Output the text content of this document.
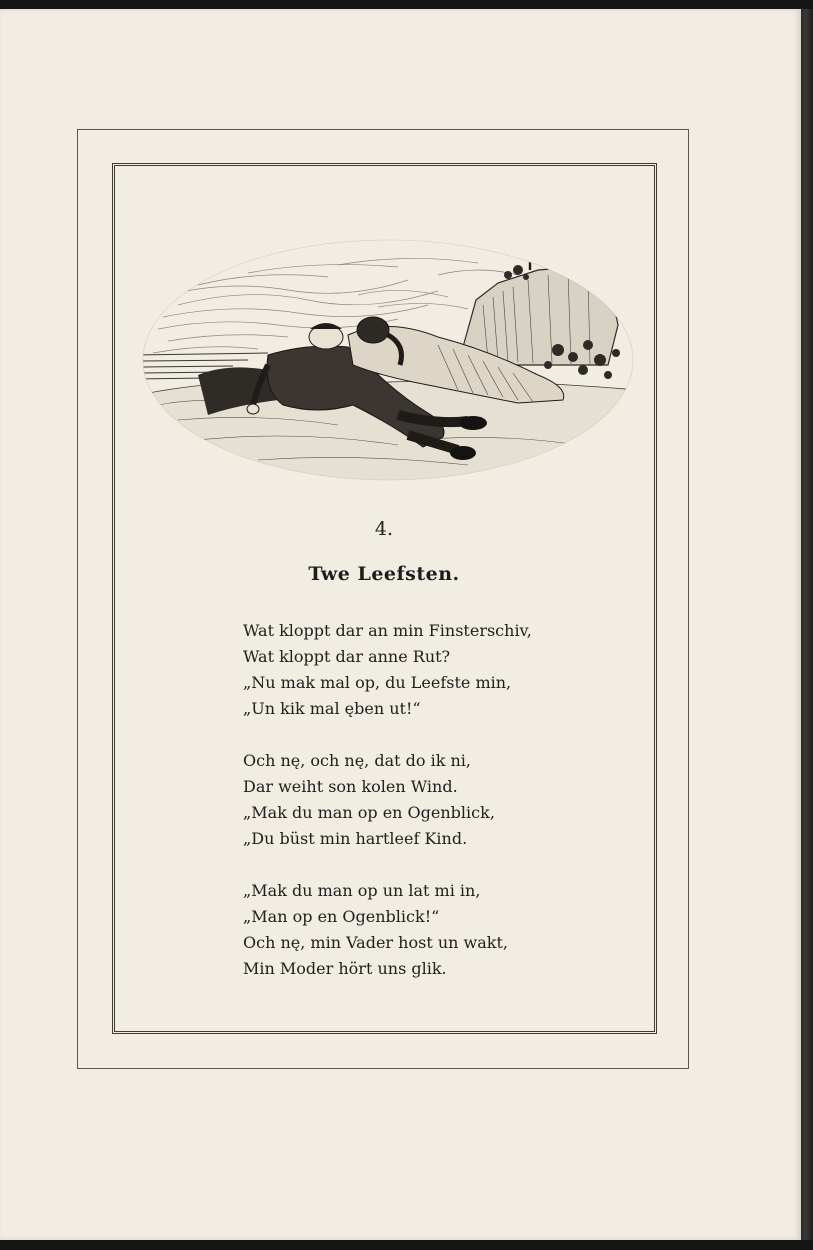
4.
Twe Leefsten.
Wat kloppt dar an min Finsterschiv,
Wat kloppt dar anne Rut?
„Nu mak mal op, du Leefste min,
„Un kik mal ęben ut!“
Och nę, och nę, dat do ik ni,
Dar weiht son kolen Wind.
„Mak du man op en Ogenblick,
„Du büst min hartleef Kind.
„Mak du man op un lat mi in,
„Man op en Ogenblick!“
Och nę, min Vader host un wakt,
Min Moder hört uns glik.
